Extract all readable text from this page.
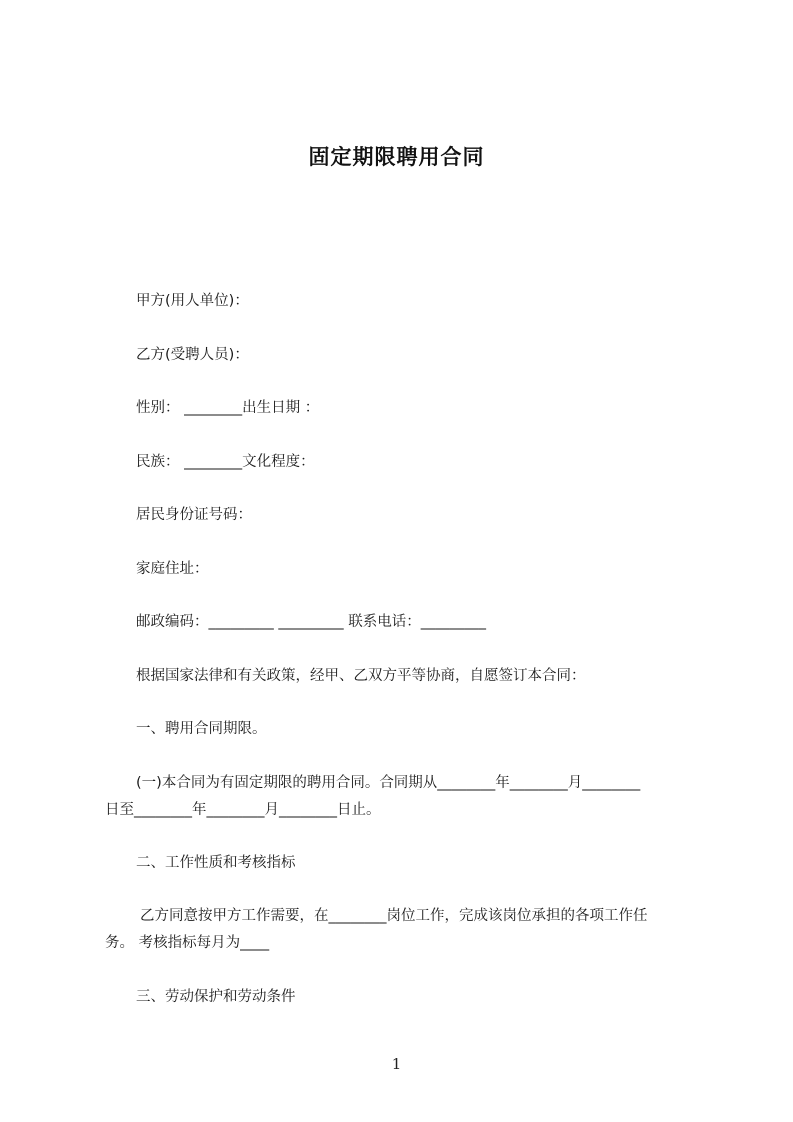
固定期限聘用合同

甲方(用人单位)：

乙方(受聘人员)：

性别： ________出生日期 ：

民族： ________文化程度：

居民身份证号码：

家庭住址：

邮政编码：_________ _________ 联系电话：_________

根据国家法律和有关政策，经甲、乙双方平等协商，自愿签订本合同：

一、聘用合同期限。

(一)本合同为有固定期限的聘用合同。合同期从________年________月________

日至________年________月________日止。

二、工作性质和考核指标

乙方同意按甲方工作需要，在________岗位工作，完成该岗位承担的各项工作任

务。 考核指标每月为____

三、劳动保护和劳动条件

1
